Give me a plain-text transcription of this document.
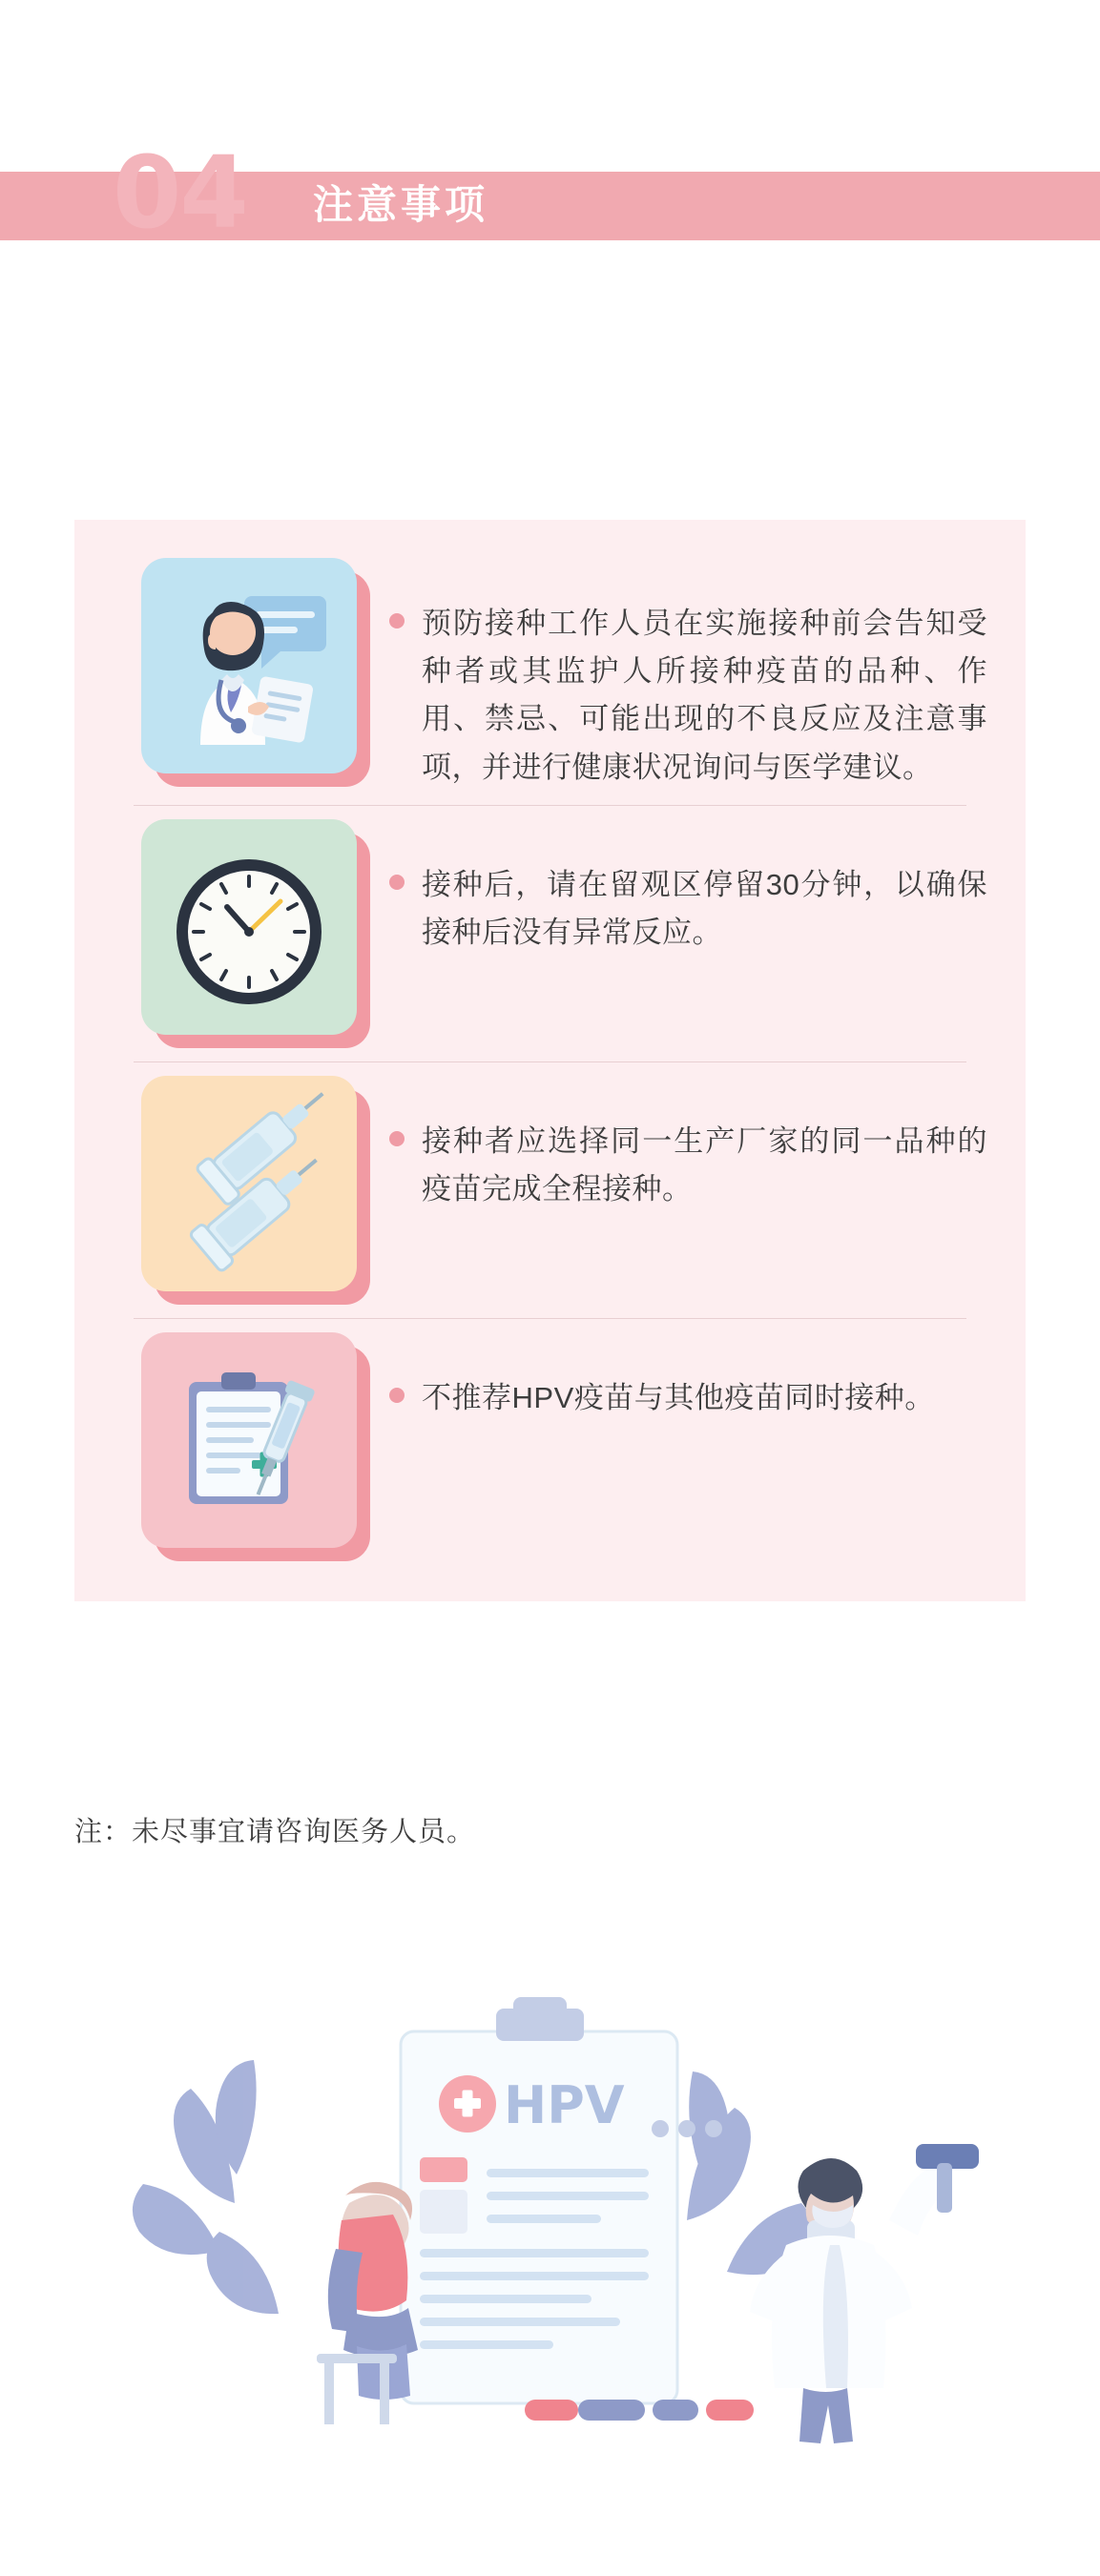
04 注意事项
预防接种工作人员在实施接种前会告知受种者或其监护人所接种疫苗的品种、作用、禁忌、可能出现的不良反应及注意事项，并进行健康状况询问与医学建议。
接种后，请在留观区停留30分钟，以确保接种后没有异常反应。
接种者应选择同一生产厂家的同一品种的疫苗完成全程接种。
不推荐HPV疫苗与其他疫苗同时接种。
注：未尽事宜请咨询医务人员。
HPV
